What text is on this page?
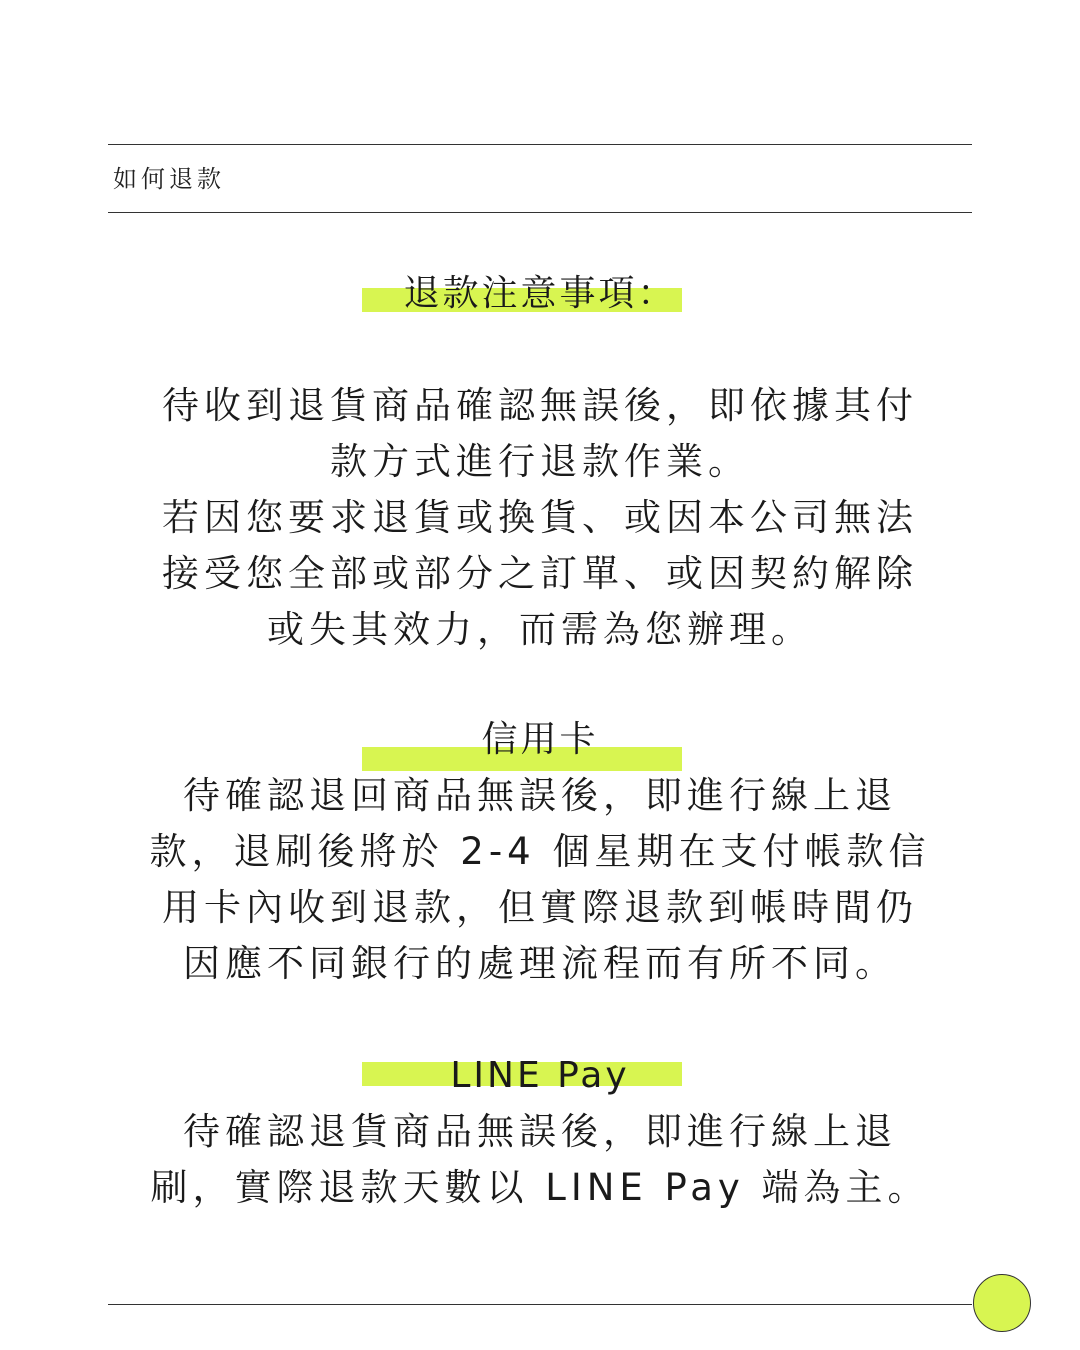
如何退款
退款注意事項：

待收到退貨商品確認無誤後，即依據其付

款方式進行退款作業。

若因您要求退貨或換貨、或因本公司無法

接受您全部或部分之訂單、或因契約解除

或失其效力，而需為您辦理。

信用卡

待確認退回商品無誤後，即進行線上退

款，退刷後將於 2-4 個星期在支付帳款信

用卡內收到退款，但實際退款到帳時間仍

因應不同銀行的處理流程而有所不同。

LINE Pay

待確認退貨商品無誤後，即進行線上退

刷，實際退款天數以 LINE Pay 端為主。
